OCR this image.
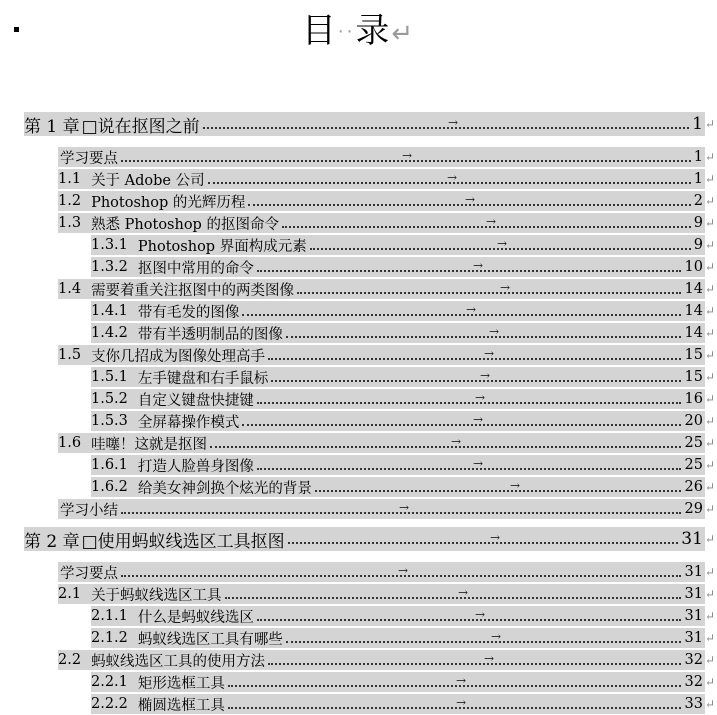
目··录↵
第 1 章 □说在抠图之前	→	1 ↵
学习要点	→	1 ↵
1.1 关于 Adobe 公司	→	1 ↵
1.2 Photoshop 的光辉历程	→	2 ↵
1.3 熟悉 Photoshop 的抠图命令	→	9 ↵
1.3.1 Photoshop 界面构成元素	→	9 ↵
1.3.2 抠图中常用的命令	→	10 ↵
1.4 需要着重关注抠图中的两类图像	→	14 ↵
1.4.1 带有毛发的图像	→	14 ↵
1.4.2 带有半透明制品的图像	→	14 ↵
1.5 支你几招成为图像处理高手	→	15 ↵
1.5.1 左手键盘和右手鼠标	→	15 ↵
1.5.2 自定义键盘快捷键	→	16 ↵
1.5.3 全屏幕操作模式	→	20 ↵
1.6 哇噻！这就是抠图	→	25 ↵
1.6.1 打造人脸兽身图像	→	25 ↵
1.6.2 给美女神剑换个炫光的背景	→	26 ↵
学习小结	→	29 ↵
第 2 章 □使用蚂蚁线选区工具抠图	→	31 ↵
学习要点	→	31 ↵
2.1 关于蚂蚁线选区工具	→	31 ↵
2.1.1 什么是蚂蚁线选区	→	31 ↵
2.1.2 蚂蚁线选区工具有哪些	→	31 ↵
2.2 蚂蚁线选区工具的使用方法	→	32 ↵
2.2.1 矩形选框工具	→	32 ↵
2.2.2 椭圆选框工具	→	33 ↵
